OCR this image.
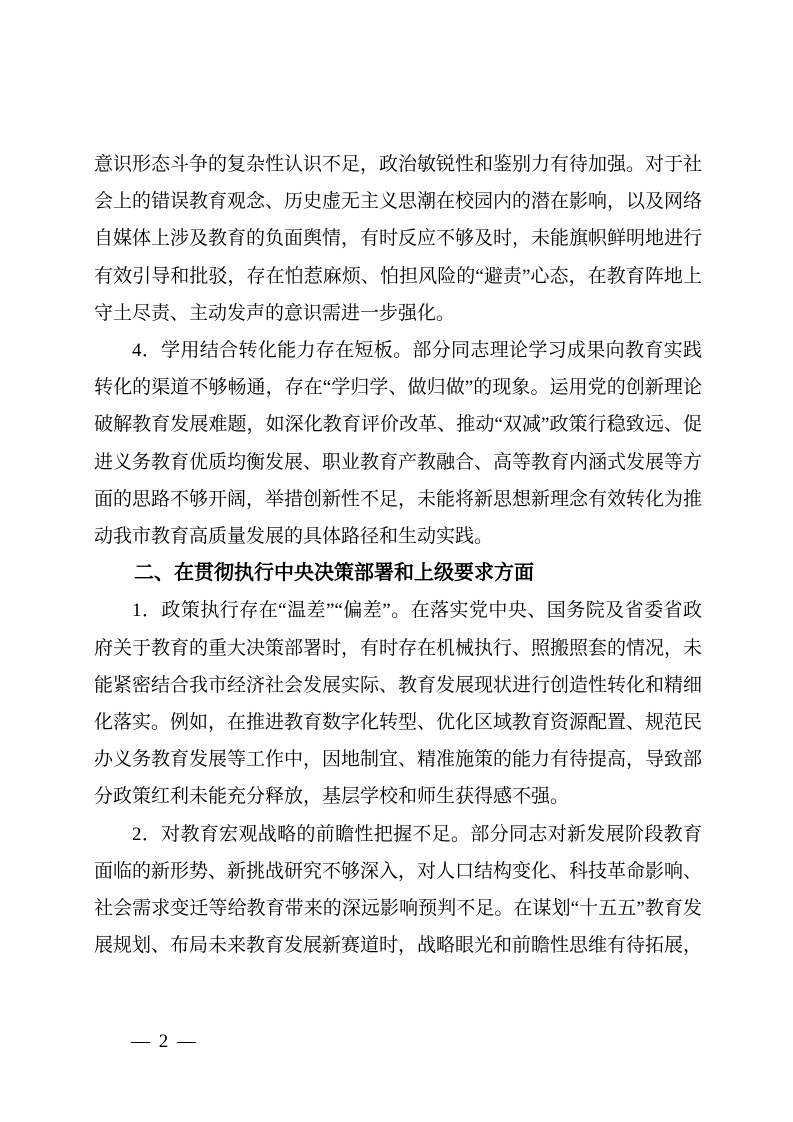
意识形态斗争的复杂性认识不足，政治敏锐性和鉴别力有待加强。对于社会上的错误教育观念、历史虚无主义思潮在校园内的潜在影响，以及网络自媒体上涉及教育的负面舆情，有时反应不够及时，未能旗帜鲜明地进行有效引导和批驳，存在怕惹麻烦、怕担风险的“避责”心态，在教育阵地上守土尽责、主动发声的意识需进一步强化。

4．学用结合转化能力存在短板。部分同志理论学习成果向教育实践转化的渠道不够畅通，存在“学归学、做归做”的现象。运用党的创新理论破解教育发展难题，如深化教育评价改革、推动“双减”政策行稳致远、促进义务教育优质均衡发展、职业教育产教融合、高等教育内涵式发展等方面的思路不够开阔，举措创新性不足，未能将新思想新理念有效转化为推动我市教育高质量发展的具体路径和生动实践。

二、在贯彻执行中央决策部署和上级要求方面

1．政策执行存在“温差”“偏差”。在落实党中央、国务院及省委省政府关于教育的重大决策部署时，有时存在机械执行、照搬照套的情况，未能紧密结合我市经济社会发展实际、教育发展现状进行创造性转化和精细化落实。例如，在推进教育数字化转型、优化区域教育资源配置、规范民办义务教育发展等工作中，因地制宜、精准施策的能力有待提高，导致部分政策红利未能充分释放，基层学校和师生获得感不强。

2．对教育宏观战略的前瞻性把握不足。部分同志对新发展阶段教育面临的新形势、新挑战研究不够深入，对人口结构变化、科技革命影响、社会需求变迁等给教育带来的深远影响预判不足。在谋划“十五五”教育发展规划、布局未来教育发展新赛道时，战略眼光和前瞻性思维有待拓展，

— 2 —
